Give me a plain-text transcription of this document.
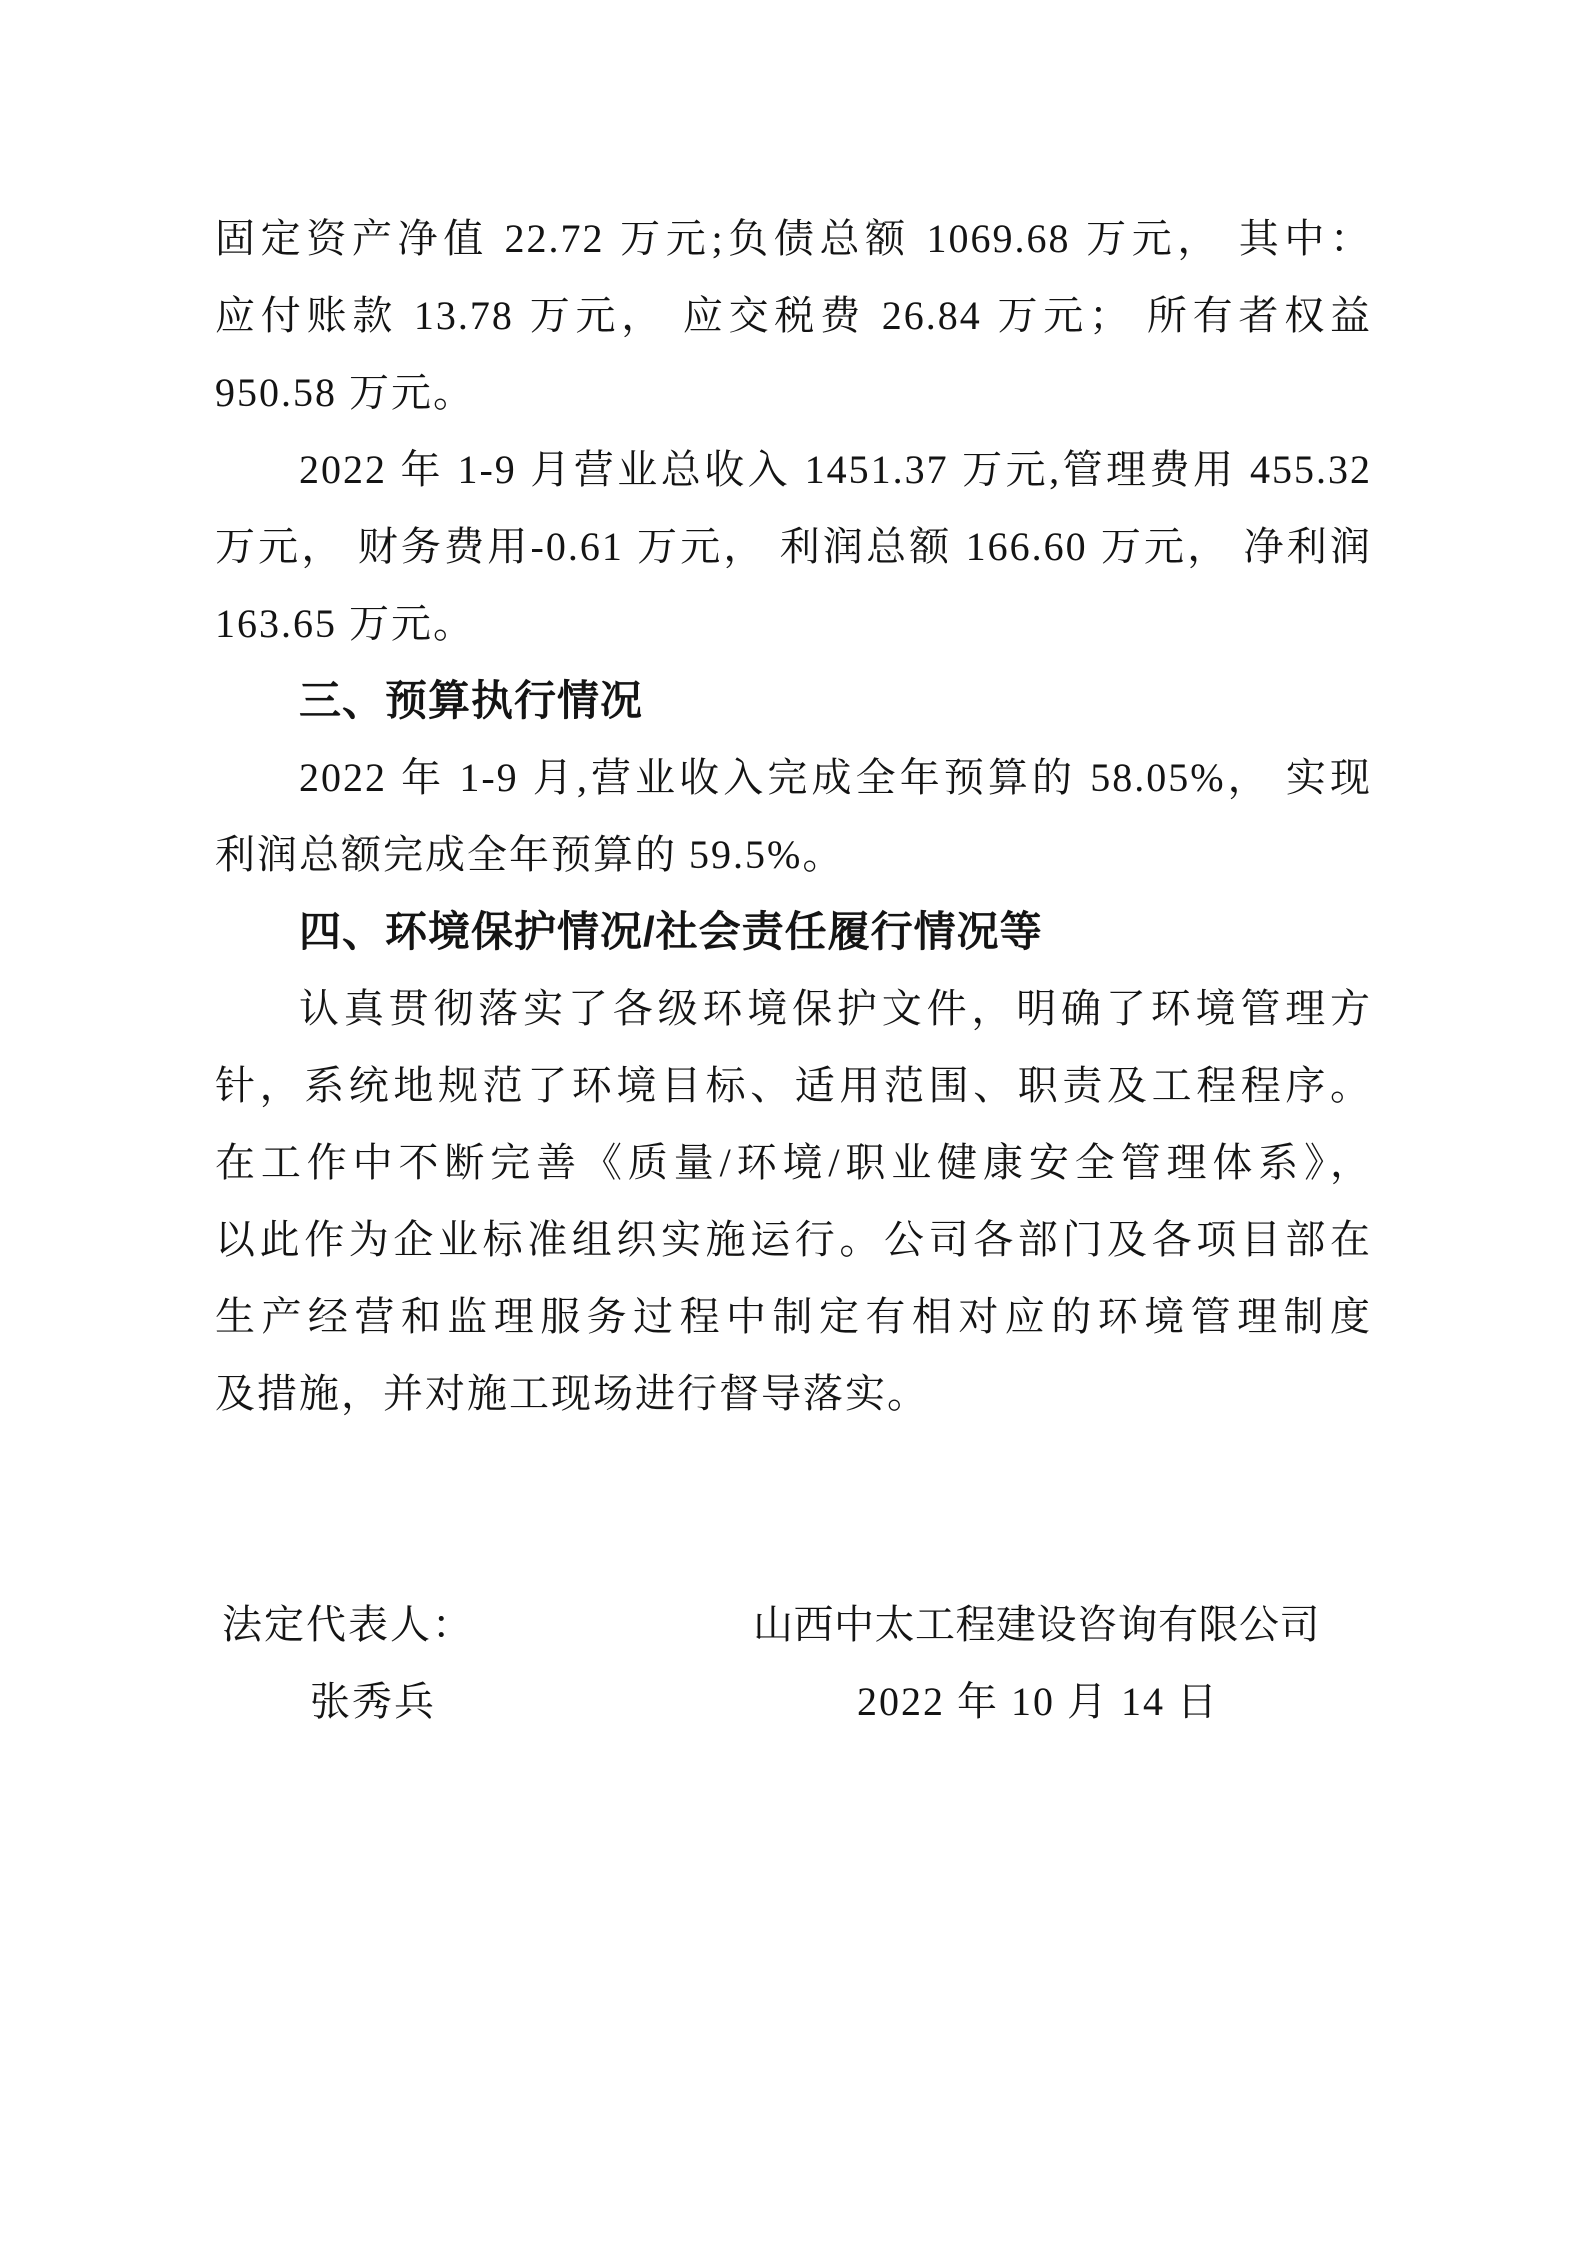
固定资产净值 22.72 万元;负债总额 1069.68 万元， 其中：
应付账款 13.78 万元， 应交税费 26.84 万元； 所有者权益
950.58 万元。
2022 年 1-9 月营业总收入 1451.37 万元,管理费用 455.32
万元， 财务费用-0.61 万元， 利润总额 166.60 万元， 净利润
163.65 万元。
三、预算执行情况
2022 年 1-9 月,营业收入完成全年预算的 58.05%， 实现
利润总额完成全年预算的 59.5%。
四、环境保护情况/社会责任履行情况等
认真贯彻落实了各级环境保护文件，明确了环境管理方
针，系统地规范了环境目标、适用范围、职责及工程程序。
在工作中不断完善《质量/环境/职业健康安全管理体系》，
以此作为企业标准组织实施运行。公司各部门及各项目部在
生产经营和监理服务过程中制定有相对应的环境管理制度
及措施，并对施工现场进行督导落实。
法定代表人：	山西中太工程建设咨询有限公司
张秀兵	2022 年 10 月 14 日
